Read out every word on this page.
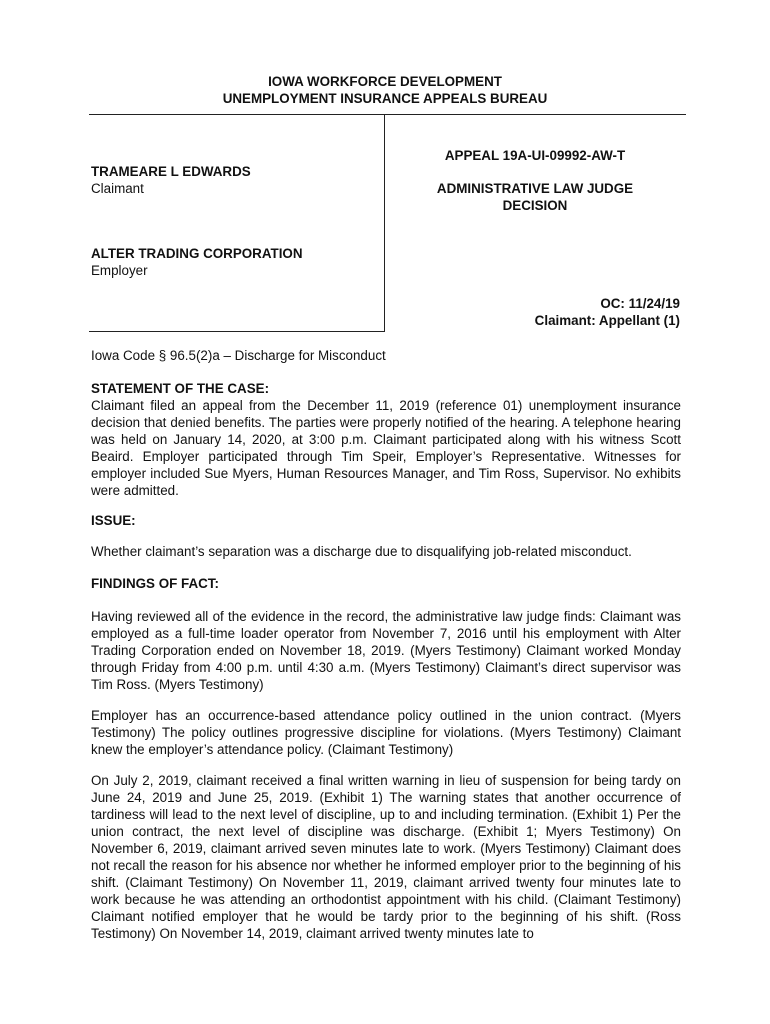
IOWA WORKFORCE DEVELOPMENT
UNEMPLOYMENT INSURANCE APPEALS BUREAU
TRAMEARE L EDWARDS
Claimant
ALTER TRADING CORPORATION
Employer
APPEAL 19A-UI-09992-AW-T
ADMINISTRATIVE LAW JUDGE
DECISION
OC: 11/24/19
Claimant: Appellant (1)
Iowa Code § 96.5(2)a – Discharge for Misconduct
STATEMENT OF THE CASE:

Claimant filed an appeal from the December 11, 2019 (reference 01) unemployment insurance decision that denied benefits. The parties were properly notified of the hearing. A telephone hearing was held on January 14, 2020, at 3:00 p.m. Claimant participated along with his witness Scott Beaird. Employer participated through Tim Speir, Employer’s Representative. Witnesses for employer included Sue Myers, Human Resources Manager, and Tim Ross, Supervisor. No exhibits were admitted.

ISSUE:

Whether claimant’s separation was a discharge due to disqualifying job-related misconduct.

FINDINGS OF FACT:

Having reviewed all of the evidence in the record, the administrative law judge finds: Claimant was employed as a full-time loader operator from November 7, 2016 until his employment with Alter Trading Corporation ended on November 18, 2019. (Myers Testimony) Claimant worked Monday through Friday from 4:00 p.m. until 4:30 a.m. (Myers Testimony) Claimant’s direct supervisor was Tim Ross. (Myers Testimony)

Employer has an occurrence-based attendance policy outlined in the union contract. (Myers Testimony) The policy outlines progressive discipline for violations. (Myers Testimony) Claimant knew the employer’s attendance policy. (Claimant Testimony)

On July 2, 2019, claimant received a final written warning in lieu of suspension for being tardy on June 24, 2019 and June 25, 2019. (Exhibit 1) The warning states that another occurrence of tardiness will lead to the next level of discipline, up to and including termination. (Exhibit 1) Per the union contract, the next level of discipline was discharge. (Exhibit 1; Myers Testimony) On November 6, 2019, claimant arrived seven minutes late to work. (Myers Testimony) Claimant does not recall the reason for his absence nor whether he informed employer prior to the beginning of his shift. (Claimant Testimony) On November 11, 2019, claimant arrived twenty four minutes late to work because he was attending an orthodontist appointment with his child. (Claimant Testimony) Claimant notified employer that he would be tardy prior to the beginning of his shift. (Ross Testimony) On November 14, 2019, claimant arrived twenty minutes late to
